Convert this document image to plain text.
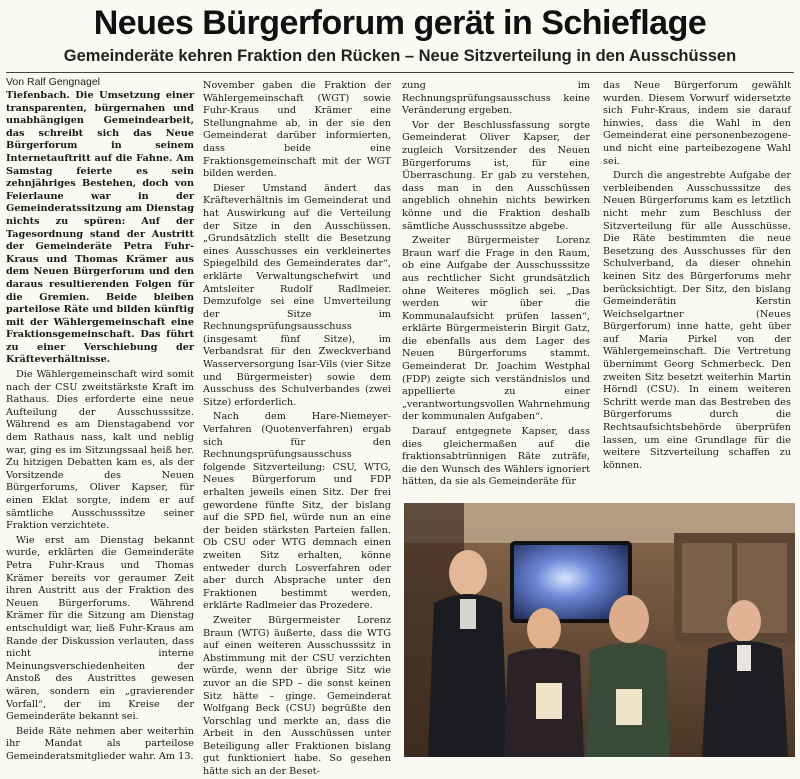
Neues Bürgerforum gerät in Schieflage
Gemeinderäte kehren Fraktion den Rücken – Neue Sitzverteilung in den Ausschüssen
Von Ralf Gengnagel

Tiefenbach. Die Umsetzung einer transparenten, bürgernahen und unabhängigen Gemeindearbeit, das schreibt sich das Neue Bürgerforum in seinem Internetauftritt auf die Fahne. Am Samstag feierte es sein zehnjähriges Bestehen, doch von Feierlaune war in der Gemeinderatssitzung am Dienstag nichts zu spüren: Auf der Tagesordnung stand der Austritt der Gemeinderäte Petra Fuhr-Kraus und Thomas Krämer aus dem Neuen Bürgerforum und den daraus resultierenden Folgen für die Gremien. Beide bleiben parteilose Räte und bilden künftig mit der Wählergemeinschaft eine Fraktionsgemeinschaft. Das führt zu einer Verschiebung der Kräfteverhältnisse.

Die Wählergemeinschaft wird somit nach der CSU zweitstärkste Kraft im Rathaus. Dies erforderte eine neue Aufteilung der Ausschusssitze. Während es am Dienstagabend vor dem Rathaus nass, kalt und neblig war, ging es im Sitzungssaal heiß her. Zu hitzigen Debatten kam es, als der Vorsitzende des Neuen Bürgerforums, Oliver Kapser, für einen Eklat sorgte, indem er auf sämtliche Ausschusssitze seiner Fraktion verzichtete.

Wie erst am Dienstag bekannt wurde, erklärten die Gemeinderäte Petra Fuhr-Kraus und Thomas Krämer bereits vor geraumer Zeit ihren Austritt aus der Fraktion des Neuen Bürgerforums. Während Krämer für die Sitzung am Dienstag entschuldigt war, ließ Fuhr-Kraus am Rande der Diskussion verlauten, dass nicht interne Meinungsverschiedenheiten der Anstoß des Austrittes gewesen wären, sondern ein „gravierender Vorfall“, der im Kreise der Gemeinderäte bekannt sei.

Beide Räte nehmen aber weiterhin ihr Mandat als parteilose Gemeinderatsmitglieder wahr. Am 13.

November gaben die Fraktion der Wählergemeinschaft (WGT) sowie Fuhr-Kraus und Krämer eine Stellungnahme ab, in der sie den Gemeinderat darüber informierten, dass beide eine Fraktionsgemeinschaft mit der WGT bilden werden.

Dieser Umstand ändert das Kräfteverhältnis im Gemeinderat und hat Auswirkung auf die Verteilung der Sitze in den Ausschüssen. „Grundsätzlich stellt die Besetzung eines Ausschusses ein verkleinertes Spiegelbild des Gemeinderates dar“, erklärte Verwaltungschefwirt und Amtsleiter Rudolf Radlmeier. Demzufolge sei eine Umverteilung der Sitze im Rechnungsprüfungsausschuss (insgesamt fünf Sitze), im Verbandsrat für den Zweckverband Wasserversorgung Isar-Vils (vier Sitze und Bürgermeister) sowie dem Ausschuss des Schulverbandes (zwei Sitze) erforderlich.

Nach dem Hare-Niemeyer-Verfahren (Quotenverfahren) ergab sich für den Rechnungsprüfungsausschuss folgende Sitzverteilung: CSU, WTG, Neues Bürgerforum und FDP erhalten jeweils einen Sitz. Der frei gewordene fünfte Sitz, der bislang auf die SPD fiel, würde nun an eine der beiden stärksten Parteien fallen. Ob CSU oder WTG demnach einen zweiten Sitz erhalten, könne entweder durch Losverfahren oder aber durch Absprache unter den Fraktionen bestimmt werden, erklärte Radlmeier das Prozedere.

Zweiter Bürgermeister Lorenz Braun (WTG) äußerte, dass die WTG auf einen weiteren Ausschusssitz in Abstimmung mit der CSU verzichten würde, wenn der übrige Sitz wie zuvor an die SPD – die sonst keinen Sitz hätte – ginge. Gemeinderat Wolfgang Beck (CSU) begrüßte den Vorschlag und merkte an, dass die Arbeit in den Ausschüssen unter Beteiligung aller Fraktionen bislang gut funktioniert habe. So gesehen hätte sich an der Beset-

zung im Rechnungsprüfungsausschuss keine Veränderung ergeben.

Vor der Beschlussfassung sorgte Gemeinderat Oliver Kapser, der zugleich Vorsitzender des Neuen Bürgerforums ist, für eine Überraschung. Er gab zu verstehen, dass man in den Ausschüssen angeblich ohnehin nichts bewirken könne und die Fraktion deshalb sämtliche Ausschusssitze abgebe.

Zweiter Bürgermeister Lorenz Braun warf die Frage in den Raum, ob eine Aufgabe der Ausschusssitze aus rechtlicher Sicht grundsätzlich ohne Weiteres möglich sei. „Das werden wir über die Kommunalaufsicht prüfen lassen“, erklärte Bürgermeisterin Birgit Gatz, die ebenfalls aus dem Lager des Neuen Bürgerforums stammt. Gemeinderat Dr. Joachim Westphal (FDP) zeigte sich verständnislos und appellierte zu einer „verantwortungsvollen Wahrnehmung der kommunalen Aufgaben“.

Darauf entgegnete Kapser, dass dies gleichermaßen auf die fraktionsabtrünnigen Räte zuträfe, die den Wunsch des Wählers ignoriert hätten, da sie als Gemeinderäte für

das Neue Bürgerforum gewählt wurden. Diesem Vorwurf widersetzte sich Fuhr-Kraus, indem sie darauf hinwies, dass die Wahl in den Gemeinderat eine personenbezogene- und nicht eine parteibezogene Wahl sei.

Durch die angestrebte Aufgabe der verbleibenden Ausschusssitze des Neuen Bürgerforums kam es letztlich nicht mehr zum Beschluss der Sitzverteilung für alle Ausschüsse. Die Räte bestimmten die neue Besetzung des Ausschusses für den Schulverband, da dieser ohnehin keinen Sitz des Bürgerforums mehr berücksichtigt. Der Sitz, den bislang Gemeinderätin Kerstin Weichselgartner (Neues Bürgerforum) inne hatte, geht über auf Maria Pirkel von der Wählergemeinschaft. Die Vertretung übernimmt Georg Schmerbeck. Den zweiten Sitz besetzt weiterhin Martin Hörndl (CSU). In einem weiteren Schritt werde man das Bestreben des Bürgerforums durch die Rechtsaufsichtsbehörde überprüfen lassen, um eine Grundlage für die weitere Sitzverteilung schaffen zu können.
